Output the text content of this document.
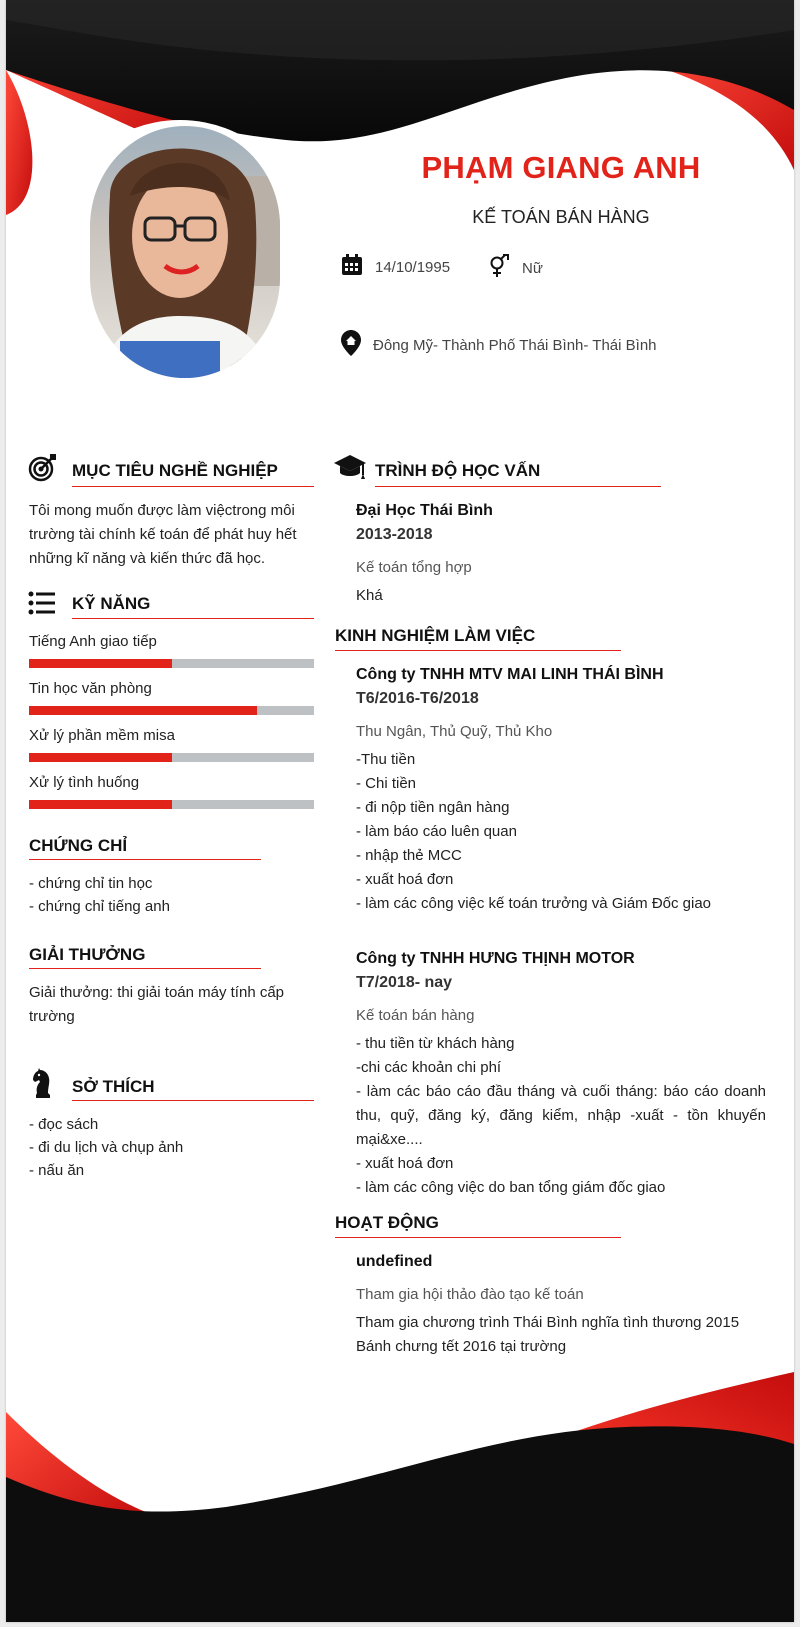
PHẠM GIANG ANH
KẾ TOÁN BÁN HÀNG
14/10/1995	Nữ
Đông Mỹ- Thành Phố Thái Bình- Thái Bình
MỤC TIÊU NGHỀ NGHIỆP
Tôi mong muốn được làm việctrong môi trường tài chính kế toán để phát huy hết những kĩ năng và kiến thức đã học.
KỸ NĂNG
Tiếng Anh giao tiếp
Tin học văn phòng
Xử lý phần mềm misa
Xử lý tình huống
CHỨNG CHỈ
- chứng chỉ tin học
- chứng chỉ tiếng anh
GIẢI THƯỞNG
Giải thưởng: thi giải toán máy tính cấp trường
SỞ THÍCH
- đọc sách
- đi du lịch và chụp ảnh
- nấu ăn
TRÌNH ĐỘ HỌC VẤN
Đại Học Thái Bình
2013-2018
Kế toán tổng hợp
Khá
KINH NGHIỆM LÀM VIỆC
Công ty TNHH MTV MAI LINH THÁI BÌNH
T6/2016-T6/2018
Thu Ngân, Thủ Quỹ, Thủ Kho
-Thu tiền
- Chi tiền
- đi nộp tiền ngân hàng
- làm báo cáo luên quan
- nhập thẻ MCC
- xuất hoá đơn
- làm các công việc kế toán trưởng và Giám Đốc giao
Công ty TNHH HƯNG THỊNH MOTOR
T7/2018- nay
Kế toán bán hàng
- thu tiền từ khách hàng
-chi các khoản chi phí
- làm các báo cáo đầu tháng và cuối tháng: báo cáo doanh thu, quỹ, đăng ký, đăng kiểm, nhập -xuất - tồn khuyến mại&xe....
- xuất hoá đơn
- làm các công việc do ban tổng giám đốc giao
HOẠT ĐỘNG
undefined
Tham gia hội thảo đào tạo kế toán
Tham gia chương trình Thái Bình nghĩa tình thương 2015
Bánh chưng tết 2016 tại trường
